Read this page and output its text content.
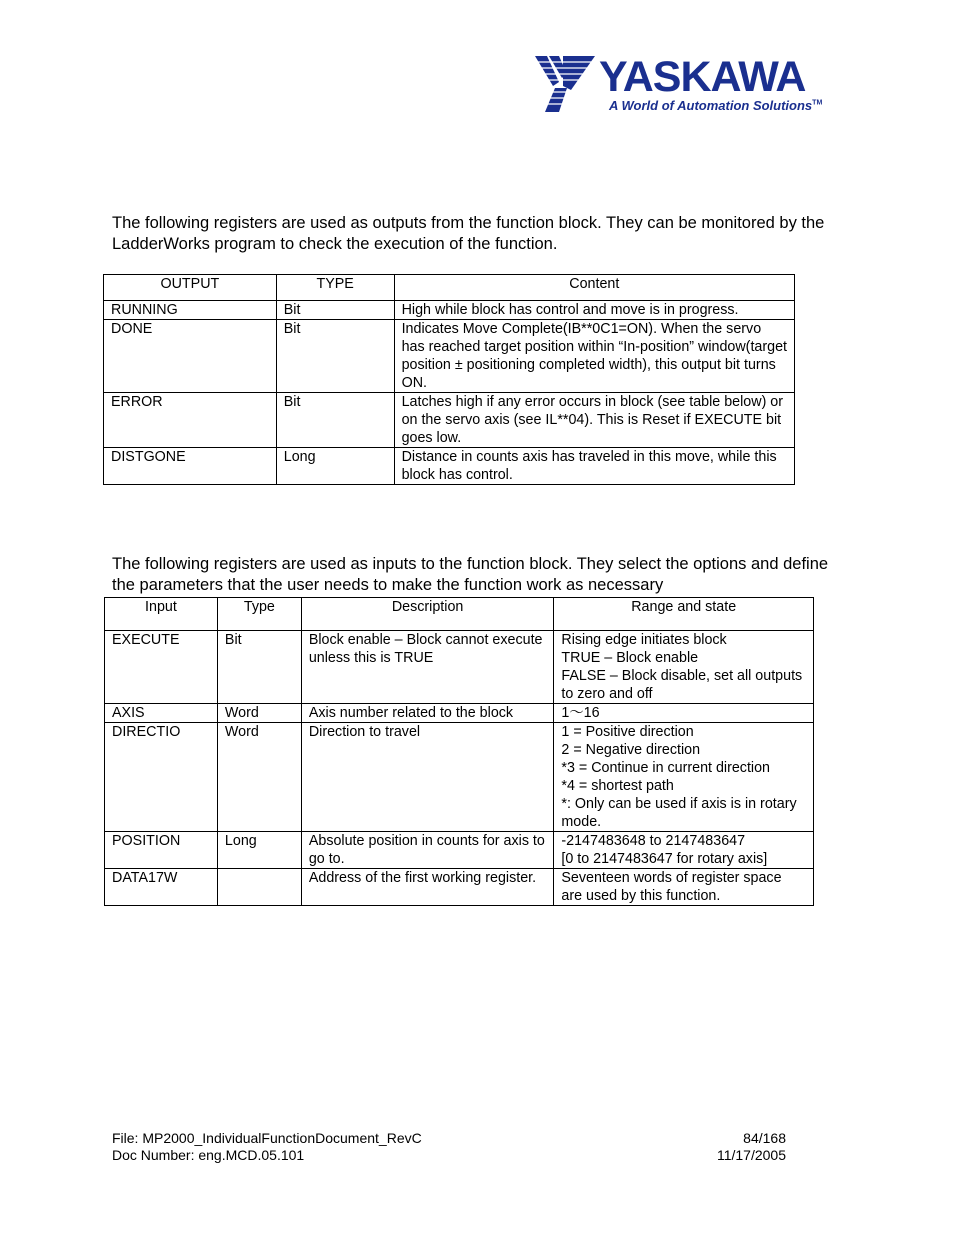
YASKAWA
A World of Automation Solutions™

The following registers are used as outputs from the function block. They can be monitored by the LadderWorks program to check the execution of the function.

OUTPUT	TYPE	Content
RUNNING	Bit	High while block has control and move is in progress.
DONE	Bit	Indicates Move Complete(IB**0C1=ON). When the servo has reached target position within “In-position” window(target position ± positioning completed width), this output bit turns ON.
ERROR	Bit	Latches high if any error occurs in block (see table below) or on the servo axis (see IL**04). This is Reset if EXECUTE bit goes low.
DISTGONE	Long	Distance in counts axis has traveled in this move, while this block has control.

The following registers are used as inputs to the function block. They select the options and define the parameters that the user needs to make the function work as necessary

Input	Type	Description	Range and state
EXECUTE	Bit	Block enable – Block cannot execute unless this is TRUE	Rising edge initiates block
TRUE – Block enable
FALSE – Block disable, set all outputs to zero and off

AXIS	Word	Axis number related to the block	1～16

DIRECTIO	Word	Direction to travel	1 = Positive direction
2 = Negative direction
*3 = Continue in current direction
*4 = shortest path
*: Only can be used if axis is in rotary mode.

POSITION	Long	Absolute position in counts for axis to go to.	-2147483648 to 2147483647
[0 to 2147483647 for rotary axis]

DATA17W		Address of the first working register.	Seventeen words of register space are used by this function.
File: MP2000_IndividualFunctionDocument_RevC
Doc Number: eng.MCD.05.101
84/168
11/17/2005
